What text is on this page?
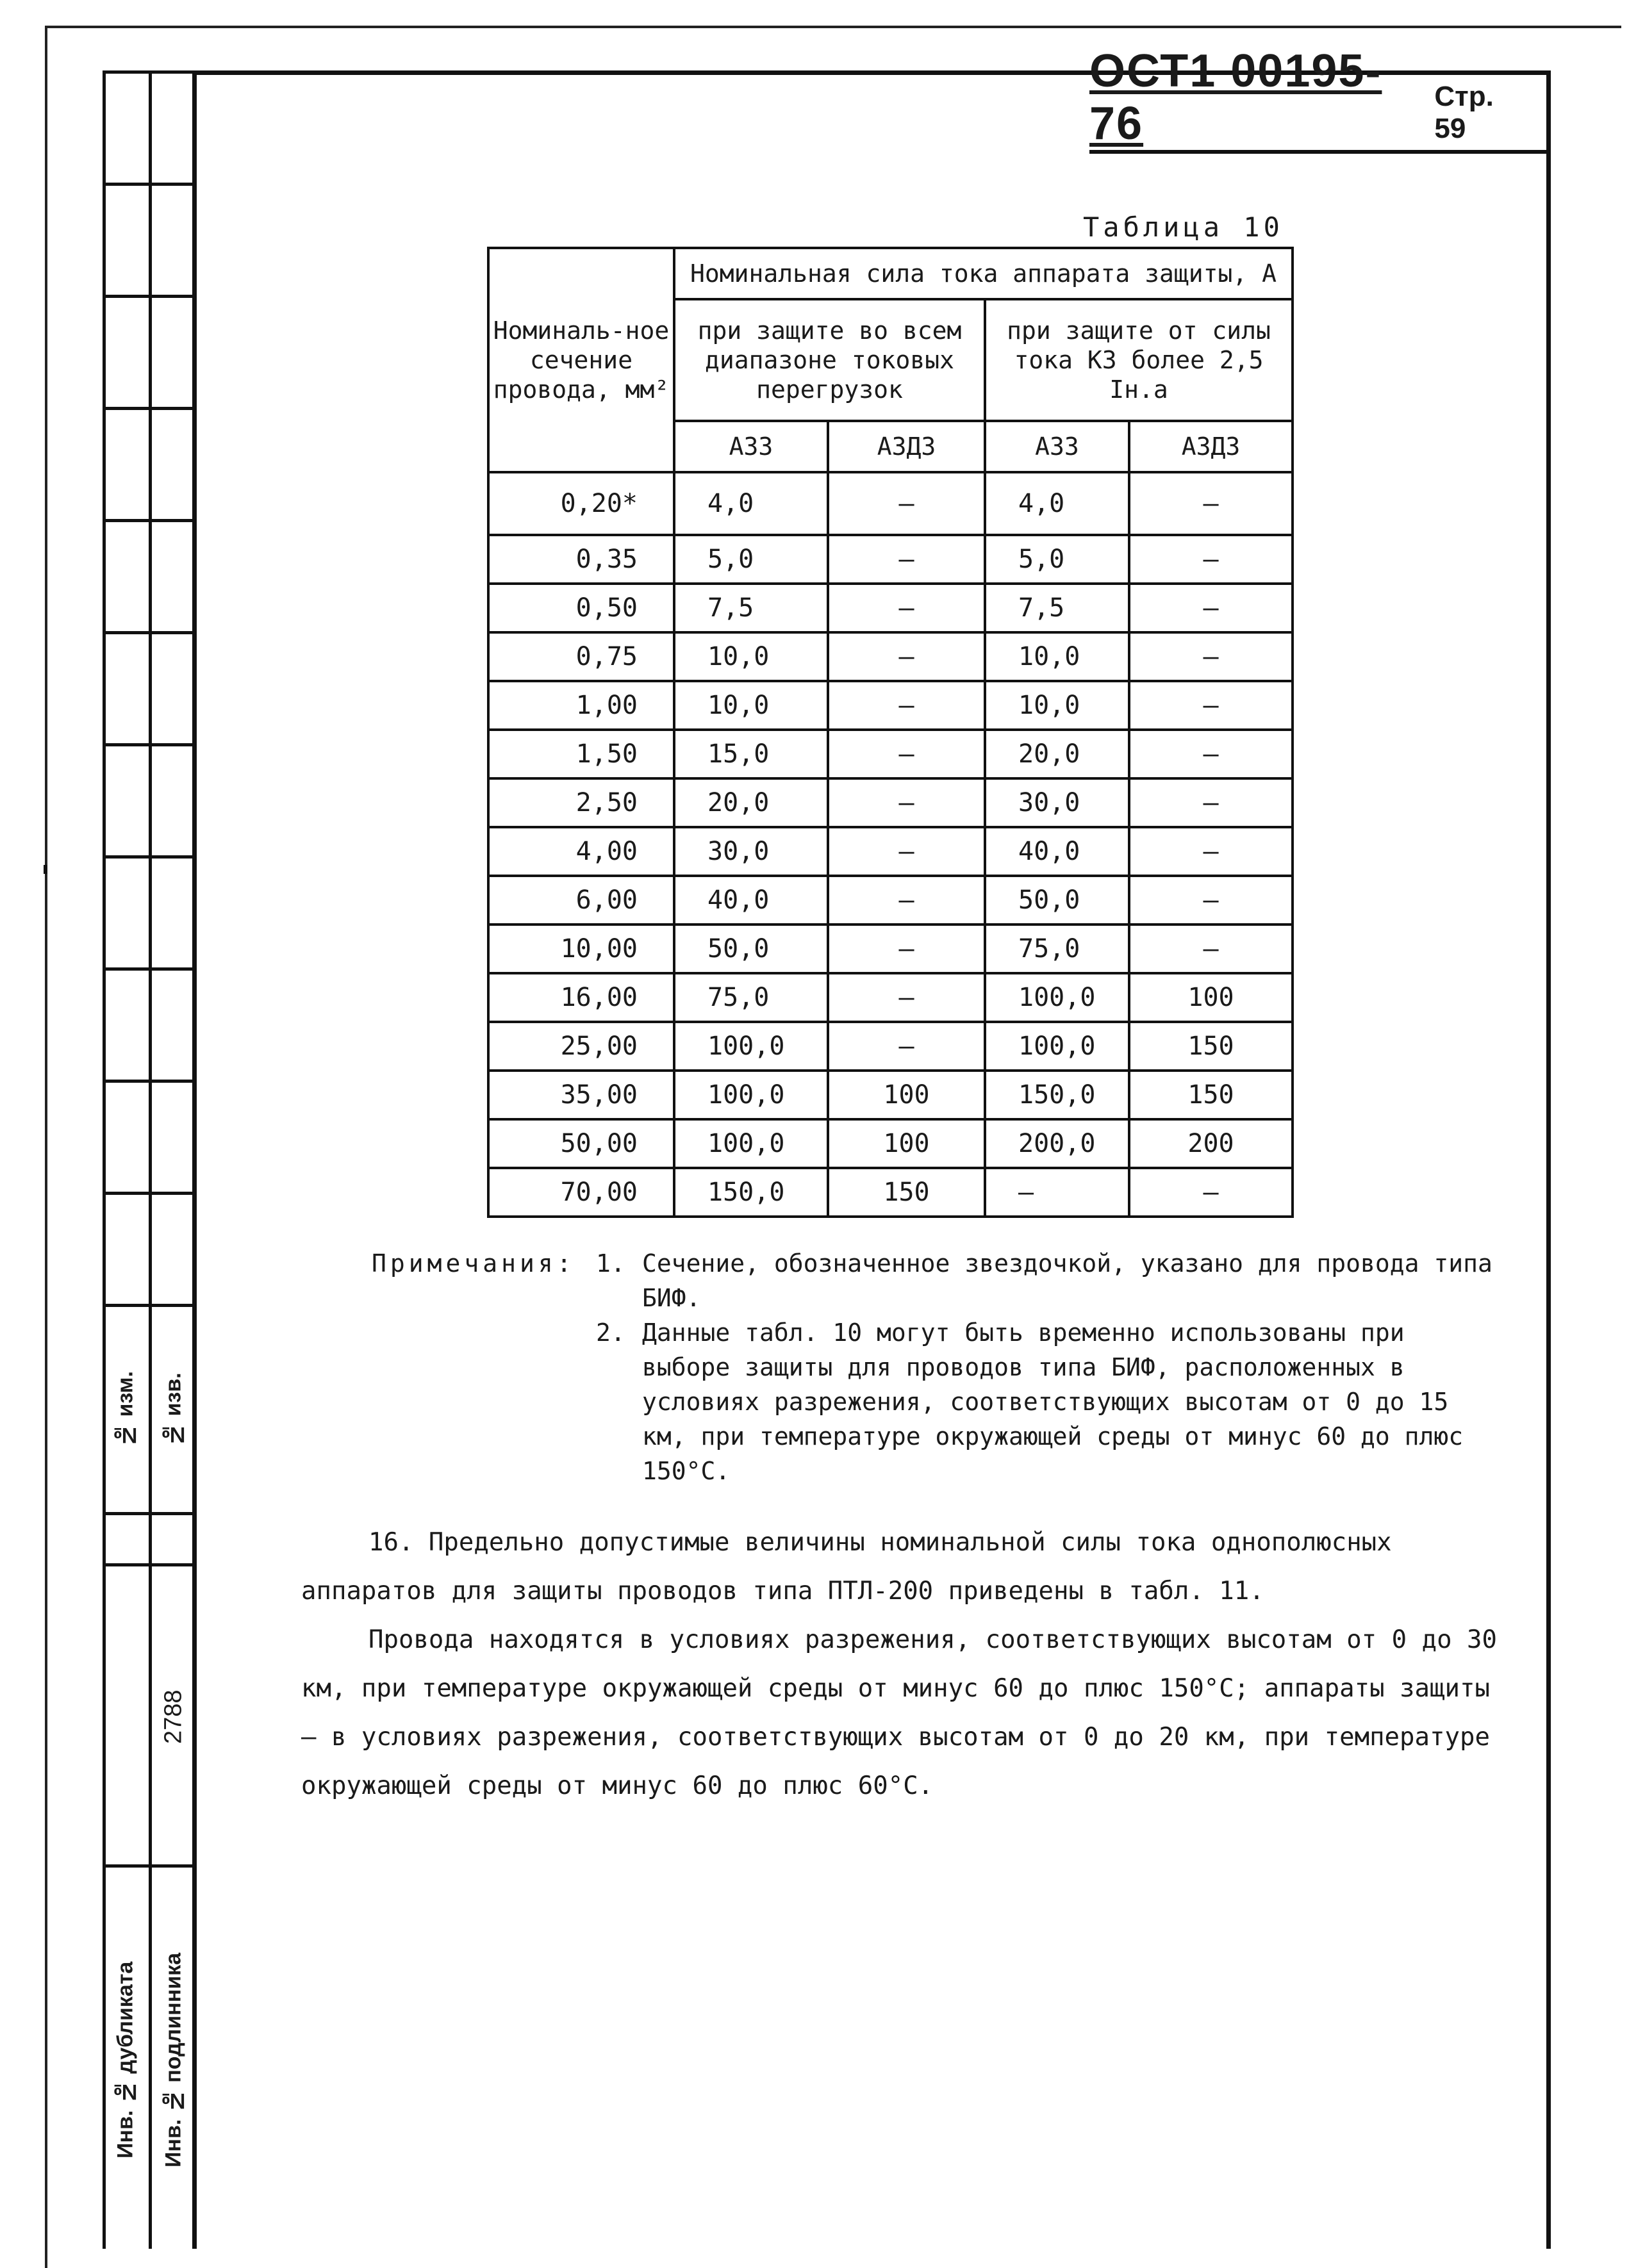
№ изм.	№ изв.
2788
Инв. № дубликата	Инв. № подлинника
ОСТ1 00195-76
Стр. 59
Таблица 10
Номиналь-ное сечение провода, мм²	Номинальная сила тока аппарата защиты, А			
	при защите во всем диапазоне токовых перегрузок		при защите от силы тока КЗ более 2,5 Iн.а	
	АЗЗ	АЗДЗ	АЗЗ	АЗДЗ

0,20*	4,0	–	4,0	–

0,35	5,0	–	5,0	–

0,50	7,5	–	7,5	–

0,75	10,0	–	10,0	–

1,00	10,0	–	10,0	–

1,50	15,0	–	20,0	–

2,50	20,0	–	30,0	–

4,00	30,0	–	40,0	–

6,00	40,0	–	50,0	–

10,00	50,0	–	75,0	–

16,00	75,0	–	100,0	100

25,00	100,0	–	100,0	150

35,00	100,0	100	150,0	150

50,00	100,0	100	200,0	200

70,00	150,0	150	–	–
Примечания: 1. Сечение, обозначенное звездочкой, указано для провода типа БИФ.
2. Данные табл. 10 могут быть временно использованы при выборе защиты для проводов типа БИФ, расположенных в условиях разрежения, соответствующих высотам от 0 до 15 км, при температуре окружающей среды от минус 60 до плюс 150°С.

16. Предельно допустимые величины номинальной силы тока однополюсных аппаратов для защиты проводов типа ПТЛ-200 приведены в табл. 11.

Провода находятся в условиях разрежения, соответствующих высотам от 0 до 30 км, при температуре окружающей среды от минус 60 до плюс 150°С; аппараты защиты – в условиях разрежения, соответствующих высотам от 0 до 20 км, при температуре окружающей среды от минус 60 до плюс 60°С.
